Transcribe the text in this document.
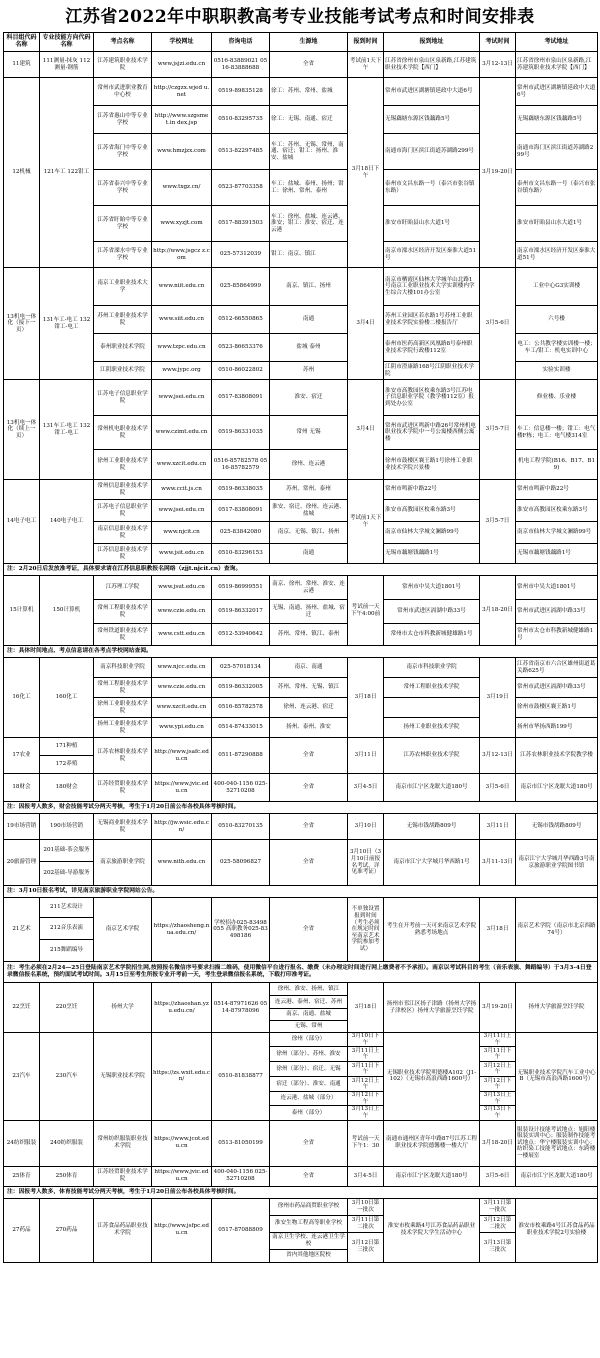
江苏省2022年中职职教高考专业技能考试考点和时间安排表
科目组代码名称	专业技能方向代码名称	考点名称	学校网址	咨询电话	生源地	报到时间	报到地址	考试时间	考试地址
11建筑	111测量-抹灰 112测量-钢筋	江苏建筑职业技术学院	www.jsjzi.edu.cn	0516-83889021 0516-83888688	全省	考试前1天下午	江苏省徐州市泉山区泉新路,江苏建筑职业技术学院【西门】	3月12-13日	江苏省徐州市泉山区泉新路,江苏建筑职业技术学院【西门】
12机械	121车工 122钳工	常州市武进职业教育中心校	http://czgzx.wjed u.net	0519-89835128	徐工：苏州、常州、盐城	3月18日下午	常州市武进区湖塘镇延政中大道6号	3月19-20日	常州市武进区湖塘镇延政中大道6号
		江苏省惠山中等专业学校	http://www.szgsmet.in dex.jsp	0510-83295735	徐工：无锡、南通、宿迁		无锡藕塘东源区钱藕路5号		无锡藕塘东源区钱藕路5号
		江苏省海门中等专业学校	www.hmzjzx.com	0513-82297485	车工：苏州、无锡、常州、南通、宿迁；钳工：扬州、淮安、盐城		南通市海门区滨江街道苏湖路299号		南通市海门区滨江街道苏湖路299号
		江苏省泰兴中等专业学校	www.txgz.cn/	0523-87703358	车工：盐城、泰州、扬州；钳工：徐州、常州、泰州		泰州市文昌东路一号（泰兴市张谷镇东路）		泰州市文昌东路一号（泰兴市张谷镇东路）
		江苏省盱眙中等专业学校	www.xyzjt.com	0517-88391503	车工：徐州、盐城、连云港、淮安；钳工：淮安、宿迁、连云港		淮安市盱眙县山水大道1号		淮安市盱眙县山水大道1号
		江苏省溧水中等专业学校	http://www.jsgcz z.com	025-57312039	钳工：南京、镇江		南京市溧水区经济开发区秦淮大道51号		南京市溧水区经济开发区秦淮大道51号
13机电一体化（接下一页）	131车工-电工 132钳工-电工	南京工业职业技术大学	www.niit.edu.cn	025-85864999	南京、镇江、扬州	3月4日	南京市栖霞区仙林大学城羊山北路1号南京工业职业技术大学实训楼内学生综合大楼101办公室	3月5-6日	工业中心G3实训楼
		苏州工业职业技术学院	www.siit.edu.cn	0512-66550865	南通		苏州工业园区若水路1号苏州工业职业技术学院实验楼二楼报告厅		六号楼
		泰州职业技术学院	www.tzpc.edu.cn	0523-86653376	盐城 泰州		泰州市医药高新区凤凰路8号泰州职业技术学院行政楼112室		电工：公共教学楼实训楼一楼；车工/钳工：机电实训中心
		江阴职业技术学院	www.jypc.org	0510-86022802	苏州		江阴市澄康路168号江阴职业技术学院		实验实训楼
13机电一体化（续上一页）	131车工-电工 132钳工-电工	江苏电子信息职业学院	www.jsei.edu.cn	0517-83808091	淮安、宿迁	3月4日	淮安市高教园区枚乘东路3号江苏电子信息职业学院（教学楼112室）报到处办公室	3月5-7日	修业楼、乐业楼
		常州机电职业技术学院	www.czimt.edu.cn	0519-86331035	常州 无锡		常州市武进区鸣新中路26号常州机电职业技术学院中一号公寓楼西侧公寓楼		车工：信息楼一楼；钳工：电气楼F栋；电工：电气楼314室
		徐州工业职业技术学院	www.xzcit.edu.cn	0516-85782578 0516-85782579	徐州、连云港		徐州市鼓楼区襄王路1号徐州工业职业技术学院兴景楼		机电工程学院(B16、B17、B19)
14电子电工	140电子电工	常州信息职业技术学院	www.ccit.js.cn	0519-86338035	苏州、常州、泰州	考试前1天下午	常州市鸣新中路22号	3月5-7日	常州市鸣新中路22号
		江苏电子信息职业学院	www.jsei.edu.cn	0517-83808091	淮安、宿迁、徐州、连云港、盐城		淮安市高教园区枚乘东路3号		淮安市高教园区枚乘东路3号
		南京信息职业技术学院	www.njcit.cn	025-83842080	南京、无锡、镇江、扬州		南京市仙林大学城文澜路99号		南京市仙林大学城文澜路99号
		江苏信息职业技术学院	www.jsit.edu.cn	0510-83296153	南通		无锡市藕塘钱藕路1号		无锡市藕塘钱藕路1号
注：2月20日后发放准考证，具体要求请在江苏信息职教报名网络（zjjt.njcit.cn）查询。									
15计算机	150计算机	江苏理工学院	www.jsut.edu.cn	0519-86999551	南京、徐州、常州、淮安、连云港	考试前一天下午4:00前	常州市中吴大道1801号	3月18-20日	常州市中吴大道1801号
		常州工程职业技术学院	www.czie.edu.cn	0519-86332017	无锡、南通、扬州、盐城、宿迁		常州市武进区滆湖中路33号		常州市武进区滆湖中路33号
		常州铁道职业技术学院	www.cstt.edu.cn	0512-53940642	苏州、常州、镇江、泰州		常州市太仓市科教新城健雄路1号		常州市太仓市科教新城健雄路1号
注：具体时间地点、考点信息请在各考点学校网站查阅。									
16化工	160化工	南京科技职业学院	www.njcc.edu.cn	025-57018134	南京、南通	3月18日	南京市科技职业学院	3月19日	江苏省南京市六合区雄州街道葛关路625号
		常州工程职业技术学院	www.czie.edu.cn	0519-86332005	苏州、常州、无锡、镇江		常州工程职业技术学院		常州市武进区滆湖中路33号
		徐州工业职业技术学院	www.xzcit.edu.cn	0516-85782578	徐州、连云港、宿迁				徐州市鼓楼区襄王路1号
		扬州工业职业技术学院	www.ypi.edu.cn	0514-87433015	扬州、泰州、淮安		扬州工业职业技术学院		扬州市华扬西路199号
17农业	171种植	江苏农林职业技术学院	http://www.jsafc.edu.cn	0511-87290888	全省	3月11日	江苏农林职业技术学院	3月12-13日	江苏农林职业技术学院教学楼
	172养殖								
18财会	180财会	江苏经贸职业技术学院	https://www.jvic.edu.cn	400-040-1156 025-52710208	全省	3月4-5日	南京市江宁区龙眠大道180号	3月5-6日	南京市江宁区龙眠大道180号
注：因报考人数多，财会技能考试分两天考核，考生于1月20日前公布各校具体考核时间。									
19市场营销	190市场营销	无锡商业职业技术学院	http://jw.wsic.edu.cn/	0510-83270135	全省	3月10日	无锡市钱胡路809号	3月11日	无锡市钱胡路809号
20旅游管理	201基础-茶会服务	南京旅游职业学院	www.nith.edu.cn	025-58096827	全省	3月10日（3月10日前报名考试，详见准考证）	南京市江宁大学城月华西路1号	3月11-13日	南京江宁大学城月华西路3号南京旅游职业学院图书馆
	202基础-导游服务								
注：3月10日报名考试，详见南京旅游职业学院网站公告。									
21艺术	211艺术设计	南京艺术学院	https://zhaosheng.nua.edu.cn/	学校招办025-83498055 高职教务025-83498186	全省	不单独设置报到时间（考生必须在规定时间至南京艺术学院参加考试）	考生在开考前一天可来南京艺术学院熟悉考场地点	3月18日	南京艺术学院（南京市北京西路74号）
	212音乐表演								
	215舞蹈编导								
注：考生必须在2月24—25日登陆南京艺术学院招生网,按照报名微信序号要求扫描二维码，使用微信平台进行报名、缴费（未办理定时间进行网上缴费者不予承担）。南京以考试科目的考生（音乐表演、舞蹈编导）于3月3-4日登录微信报名系统，预约面试考试时间。3月15日至考生所报专业开考前一天，考生登录微信报名系统，下载打印准考证。									
22烹饪	220烹饪	扬州大学	https://zhaoshan.yzu.edu.cn/	0514-87971626 0514-87978096	徐州、淮安、扬州、镇江	3月18日	扬州市邗江区扬子津路（扬州大学扬子津校区）扬州大学旅游烹饪学院	3月19-20日	扬州大学旅游烹饪学院
					连云港、泰州、宿迁、苏州				
					南京、南通、盐城				
					无锡、常州				
23汽车	230汽车	无锡职业技术学院	https://zs.wxit.edu.cn/	0510-81838877	徐州（部分）	3月10日下午	无锡职业技术学院明德楼A102（J1-102）（无锡市高浪西路1600号）	3月11日上午	无锡职业技术学院汽车工业中心B（无锡市高浪西路1600号）
					徐州（部分）、苏州、淮安	3月11日上午		3月11日下午	
					徐州（部分）、宿迁、无锡	3月11日下午		3月12日上午	
					宿迁（部分）、淮安、南通	3月12日上午		3月12日下午	
					连云港、盐城（部分）	3月12日下午		3月13日上午	
					泰州（部分）	3月13日上午		3月13日下午	
24纺织服装	240纺织服装	常州纺织服装职业技术学院	https://www.jcot.edu.cn	0513-81050199	全省	考试前一天下午1：30	南通市通州区青年中路87号江苏工程职业技术学院德馨楼一楼大厅	3月18-20日	服装设计技能考试地点：旭阳楼服装实训中心；服装制作技能考试地点：华宁楼服装实训中心；纺织染工技能考试地点：东跨楼一楼展室
25体育	250体育	江苏经贸职业技术学院	https://www.jvic.edu.cn	400-040-1156 025-52710208	全省	3月4-5日	南京市江宁区龙眠大道180号	3月5-6日	南京市江宁区龙眠大道180号
注：因报考人数多，体育技能考试分两天考核，考生于1月20日前公布各校具体考核时间。									
27药品	270药品	江苏食品药品职业技术学院	http://www.jsfpc.edu.cn	0517-87088809	徐州市药品商贸职业学校	3月10日第一批次	淮安市枚乘路4号江苏食品药品职业技术学院大学生活动中心	3月11日第一批次	淮安市枚乘路4号江苏食品药品职业技术学院2号实验楼
					淮安生物工程高等职业学校	3月11日第二批次		3月12日第二批次	
					南京卫生学校、连云港卫生学校	3月12日第三批次		3月13日第三批次	
					省内其他地区院校				
